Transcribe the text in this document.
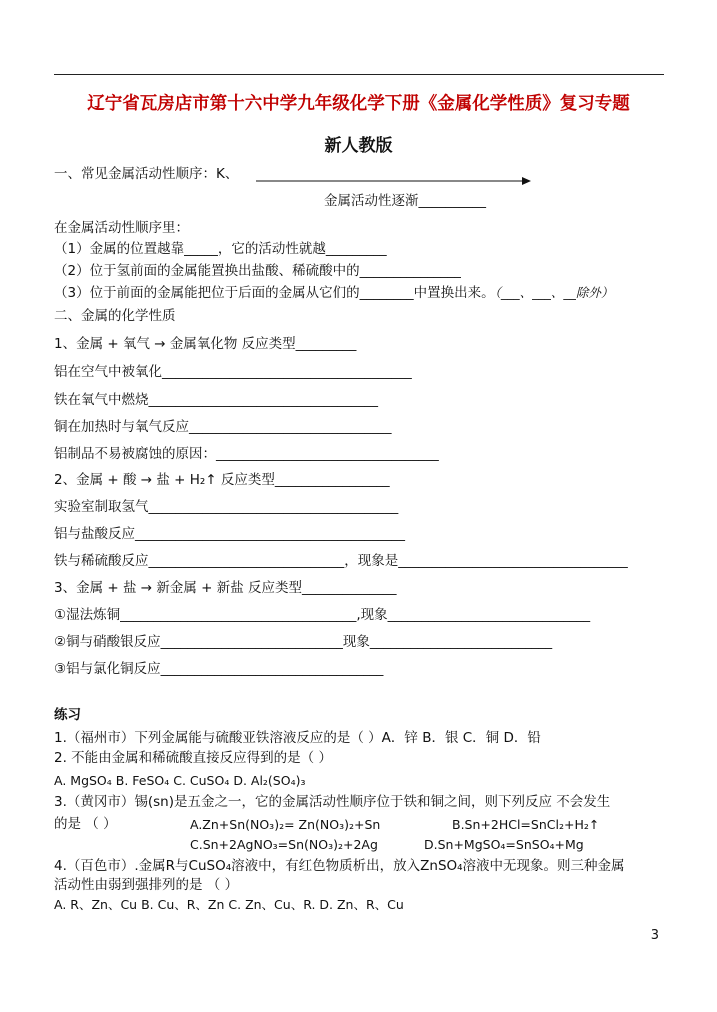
辽宁省瓦房店市第十六中学九年级化学下册《金属化学性质》复习专题
新人教版
一、常见金属活动性顺序：K、
金属活动性逐渐__________
在金属活动性顺序里：
（1）金属的位置越靠_____，它的活动性就越_________
（2）位于氢前面的金属能置换出盐酸、稀硫酸中的_______________
（3）位于前面的金属能把位于后面的金属从它们的________中置换出来。（___、___、__除外）
二、金属的化学性质
1、金属 + 氧气 → 金属氧化物 反应类型_________
铝在空气中被氧化_____________________________________
铁在氧气中燃烧__________________________________
铜在加热时与氧气反应______________________________
铝制品不易被腐蚀的原因：_________________________________
2、金属 + 酸 → 盐 + H₂↑ 反应类型_________________
实验室制取氢气_____________________________________
铝与盐酸反应________________________________________
铁与稀硫酸反应_____________________________，现象是__________________________________
3、金属 + 盐 → 新金属 + 新盐 反应类型______________
①湿法炼铜___________________________________,现象______________________________
②铜与硝酸银反应___________________________现象___________________________
③铝与氯化铜反应_________________________________
练习
1.（福州市）下列金属能与硫酸亚铁溶液反应的是（ ）A．锌 B．银 C．铜 D．铅
2. 不能由金属和稀硫酸直接反应得到的是（ ）
A. MgSO₄ B. FeSO₄ C. CuSO₄ D. Al₂(SO₄)₃
3.（黄冈市）锡(sn)是五金之一，它的金属活动性顺序位于铁和铜之间，则下列反应 不会发生
的是 （ ）	A.Zn+Sn(NO₃)₂= Zn(NO₃)₂+Sn	B.Sn+2HCl=SnCl₂+H₂↑
C.Sn+2AgNO₃=Sn(NO₃)₂+2Ag	D.Sn+MgSO₄=SnSO₄+Mg
4.（百色市）.金属R与CuSO₄溶液中，有红色物质析出，放入ZnSO₄溶液中无现象。则三种金属
活动性由弱到强排列的是 （ ）
A. R、Zn、Cu B. Cu、R、Zn C. Zn、Cu、R. D. Zn、R、Cu
3
